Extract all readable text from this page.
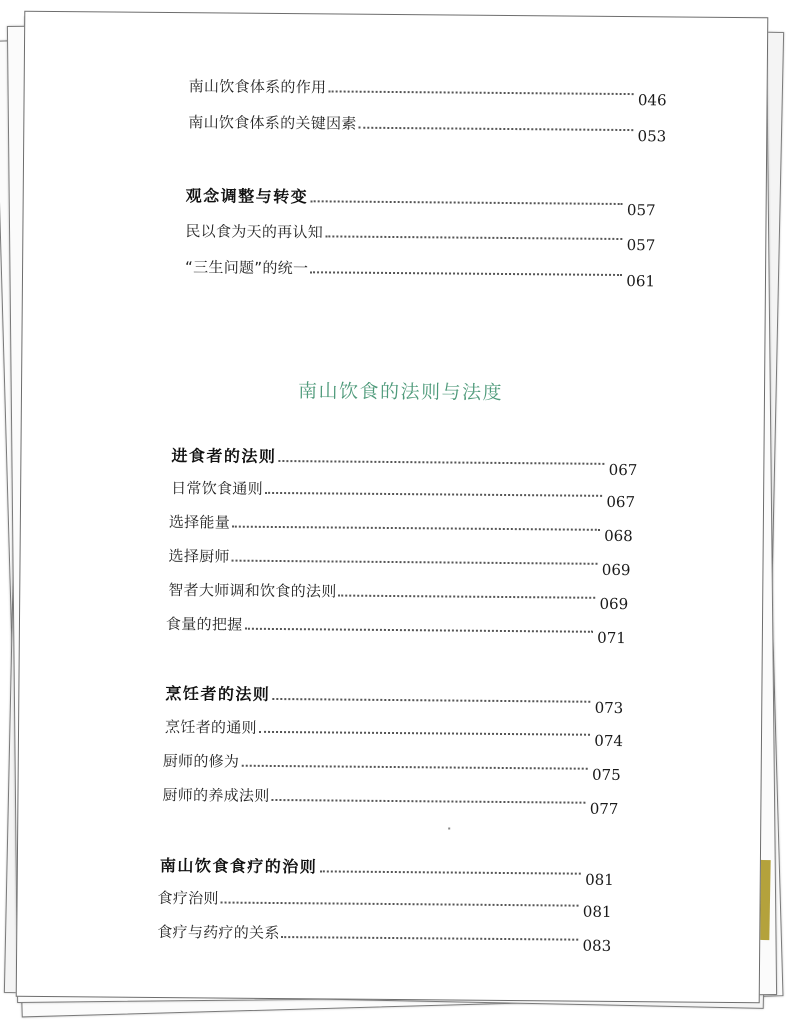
南山饮食体系的作用
046
南山饮食体系的关键因素
053
观念调整与转变
057
民以食为天的再认知
057
“三生问题”的统一
061
南山饮食的法则与法度
进食者的法则
067
日常饮食通则
067
选择能量
068
选择厨师
069
智者大师调和饮食的法则
069
食量的把握
071
烹饪者的法则
073
烹饪者的通则
074
厨师的修为
075
厨师的养成法则
077
南山饮食食疗的治则
081
食疗治则
081
食疗与药疗的关系
083
